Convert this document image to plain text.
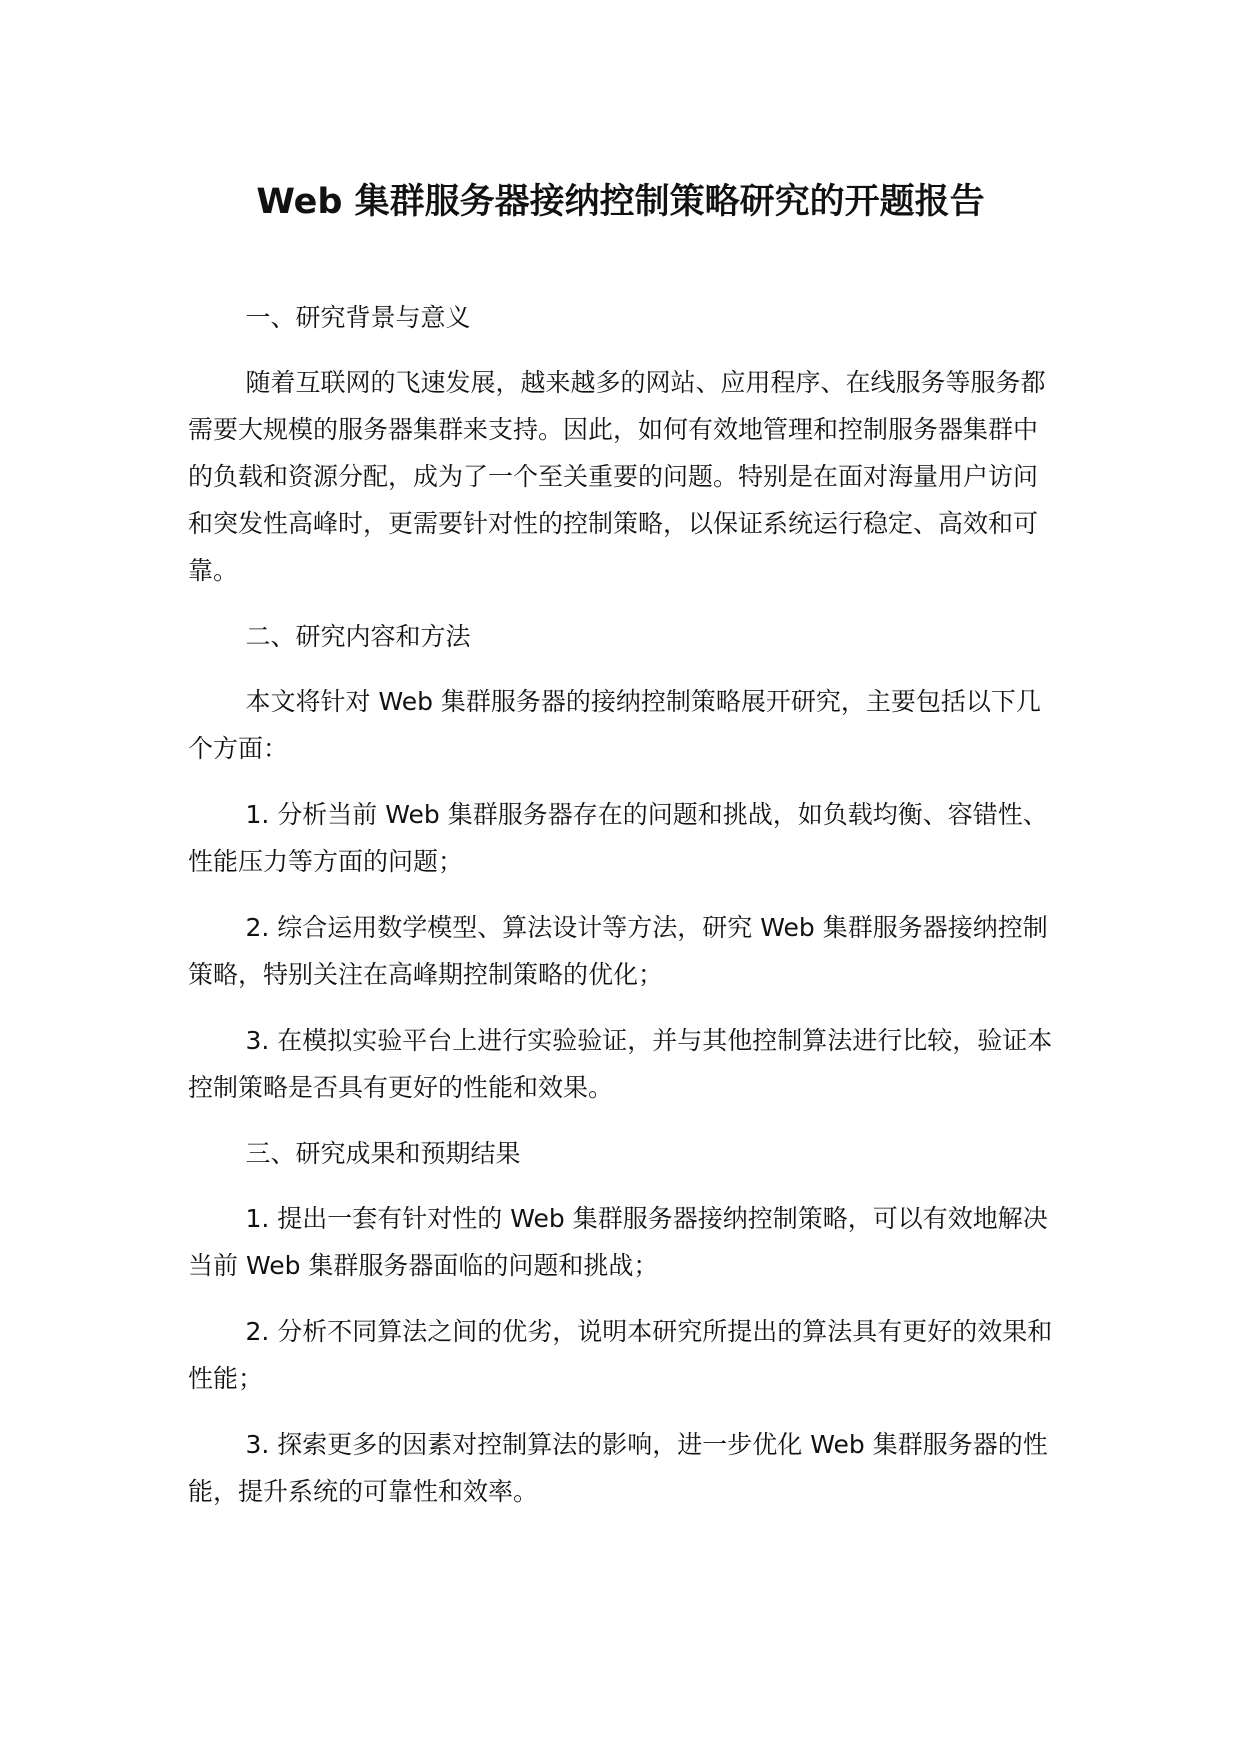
Web 集群服务器接纳控制策略研究的开题报告

一、研究背景与意义

随着互联网的飞速发展，越来越多的网站、应用程序、在线服务等服务都需要大规模的服务器集群来支持。因此，如何有效地管理和控制服务器集群中的负载和资源分配，成为了一个至关重要的问题。特别是在面对海量用户访问和突发性高峰时，更需要针对性的控制策略，以保证系统运行稳定、高效和可靠。

二、研究内容和方法

本文将针对 Web 集群服务器的接纳控制策略展开研究，主要包括以下几个方面：

1. 分析当前 Web 集群服务器存在的问题和挑战，如负载均衡、容错性、性能压力等方面的问题；

2. 综合运用数学模型、算法设计等方法，研究 Web 集群服务器接纳控制策略，特别关注在高峰期控制策略的优化；

3. 在模拟实验平台上进行实验验证，并与其他控制算法进行比较，验证本控制策略是否具有更好的性能和效果。

三、研究成果和预期结果

1. 提出一套有针对性的 Web 集群服务器接纳控制策略，可以有效地解决当前 Web 集群服务器面临的问题和挑战；

2. 分析不同算法之间的优劣，说明本研究所提出的算法具有更好的效果和性能；

3. 探索更多的因素对控制算法的影响，进一步优化 Web 集群服务器的性能，提升系统的可靠性和效率。
